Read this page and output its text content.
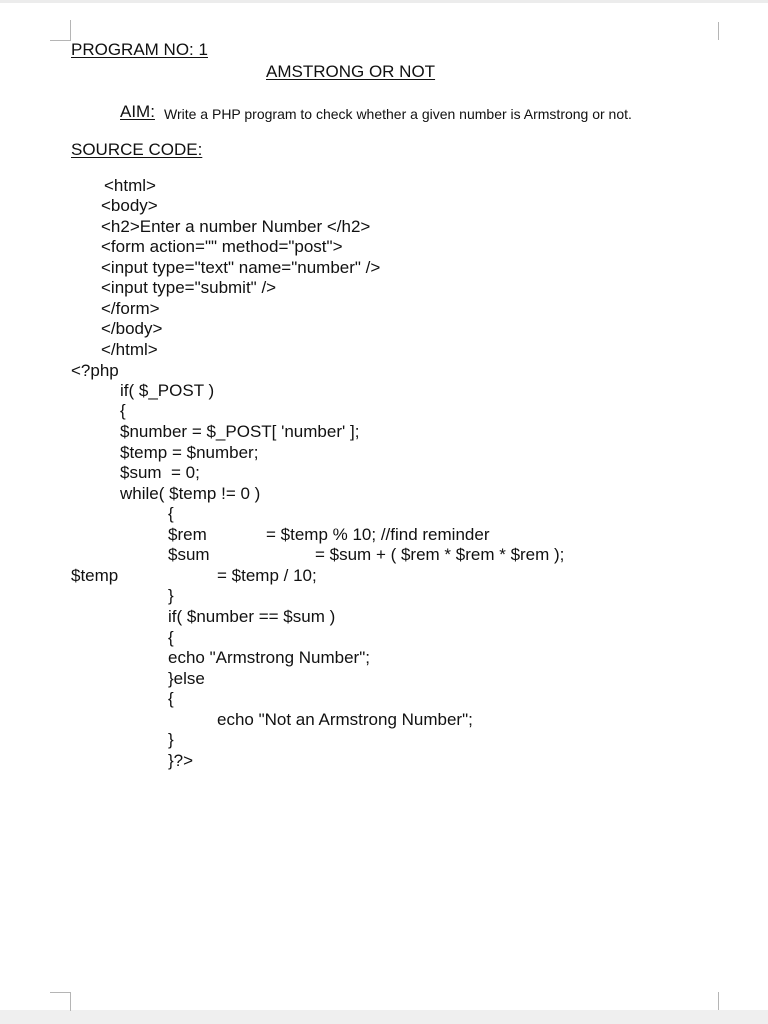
PROGRAM NO: 1
AMSTRONG OR NOT
AIM: Write a PHP program to check whether a given number is Armstrong or not.
SOURCE CODE:
<html>
<body>
<h2>Enter a number Number </h2>
<form action="" method="post">
<input type="text" name="number" />
<input type="submit" />
</form>
</body>
</html>
<?php
if( $_POST )
{
$number = $_POST[ 'number' ];
$temp = $number;
$sum  = 0;
while( $temp != 0 )
{
$rem	= $temp % 10; //find reminder
$sum	= $sum + ( $rem * $rem * $rem );
$temp	= $temp / 10;
}
if( $number == $sum )
{
echo "Armstrong Number";
}else
{
echo "Not an Armstrong Number";
}
}?>
